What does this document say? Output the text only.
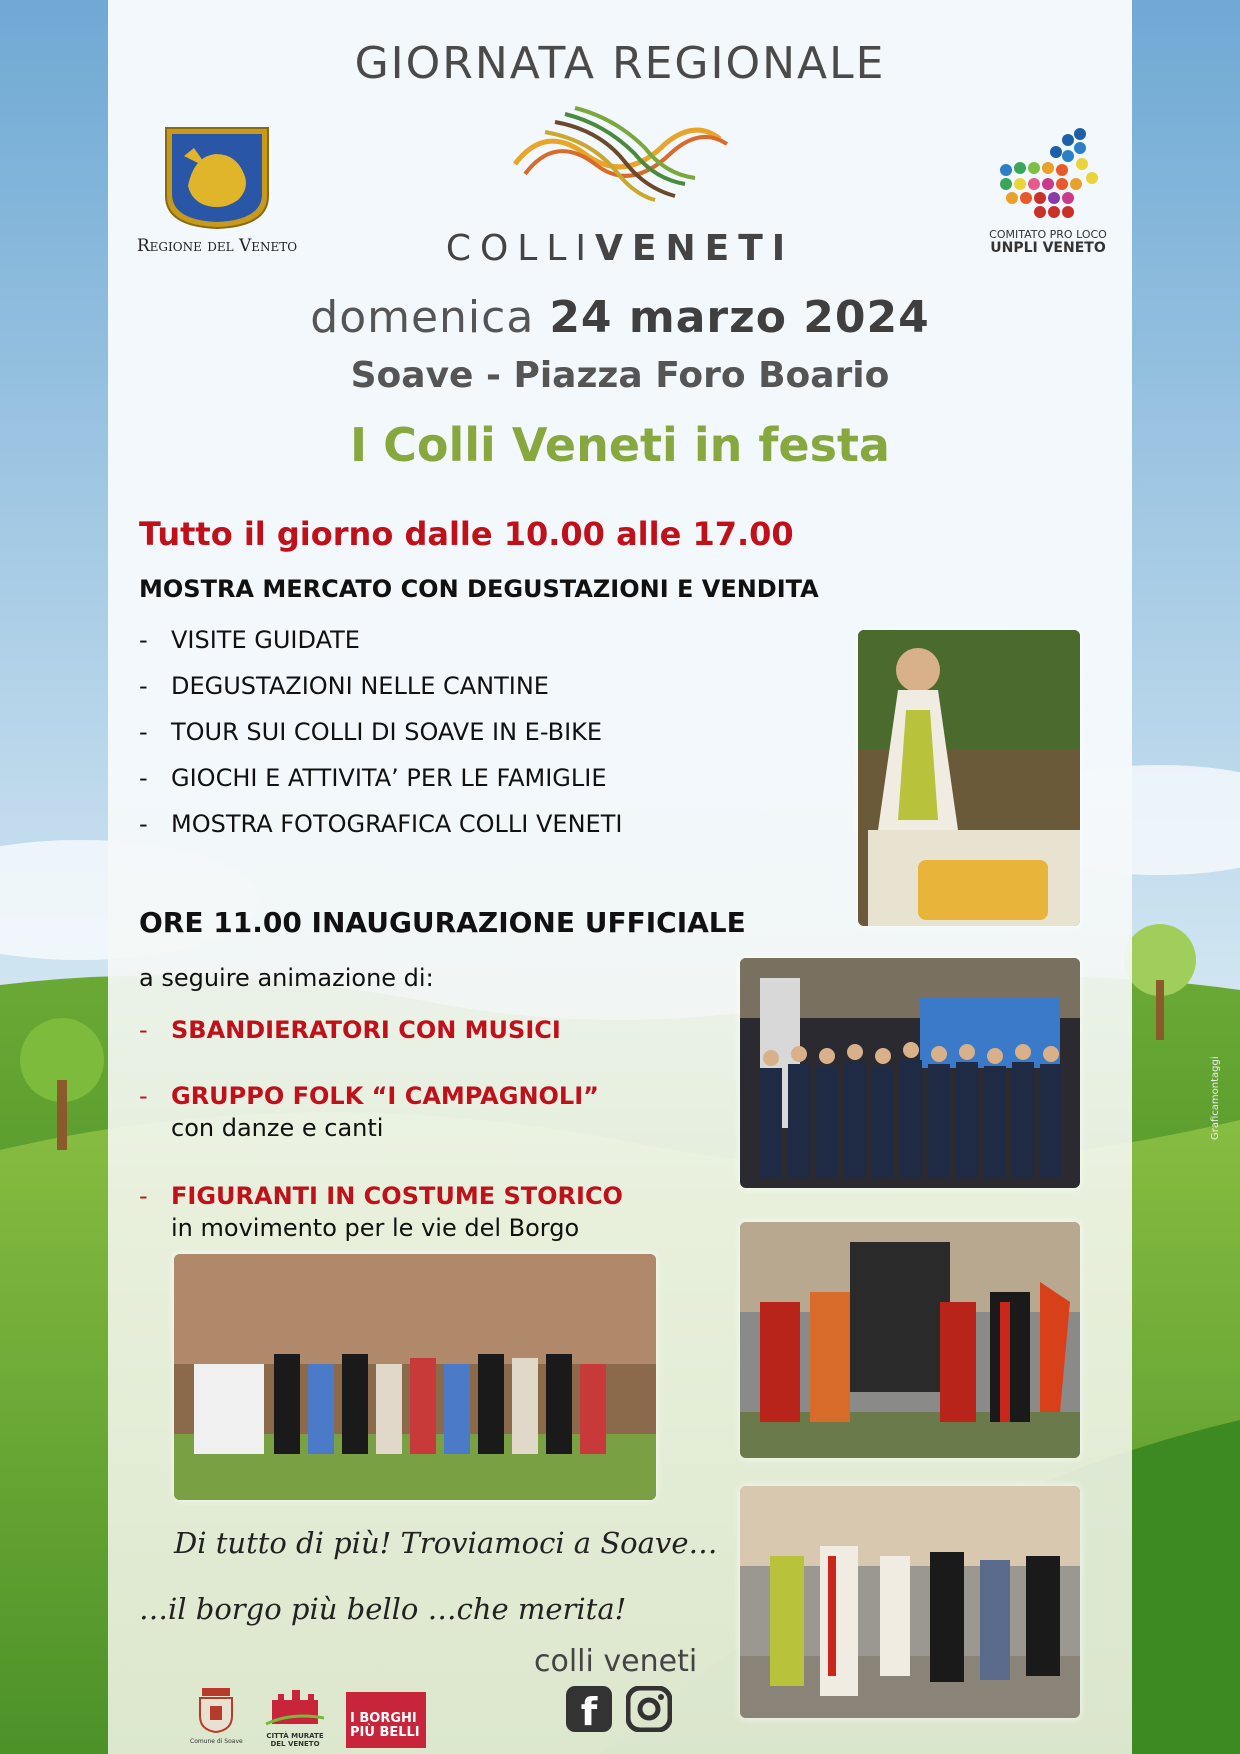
GIORNATA REGIONALE
COLLIVENETI
Regione del Veneto
COMITATO PRO LOCO
UNPLI VENETO
domenica 24 marzo 2024
Soave - Piazza Foro Boario
I Colli Veneti in festa
Tutto il giorno dalle 10.00 alle 17.00
MOSTRA MERCATO CON DEGUSTAZIONI E VENDITA
- VISITE GUIDATE
- DEGUSTAZIONI NELLE CANTINE
- TOUR SUI COLLI DI SOAVE IN E-BIKE
- GIOCHI E ATTIVITA’ PER LE FAMIGLIE
- MOSTRA FOTOGRAFICA COLLI VENETI
ORE 11.00 INAUGURAZIONE UFFICIALE
a seguire animazione di:
- SBANDIERATORI CON MUSICI
- GRUPPO FOLK “I CAMPAGNOLI”
con danze e canti
- FIGURANTI IN COSTUME STORICO
in movimento per le vie del Borgo
Di tutto di più! Troviamoci a Soave…
…il borgo più bello …che merita!
colli veneti
f
Comune di Soave
CITTÀ MURATE DEL VENETO
I BORGHI
PIÙ BELLI
Graficamontaggi
